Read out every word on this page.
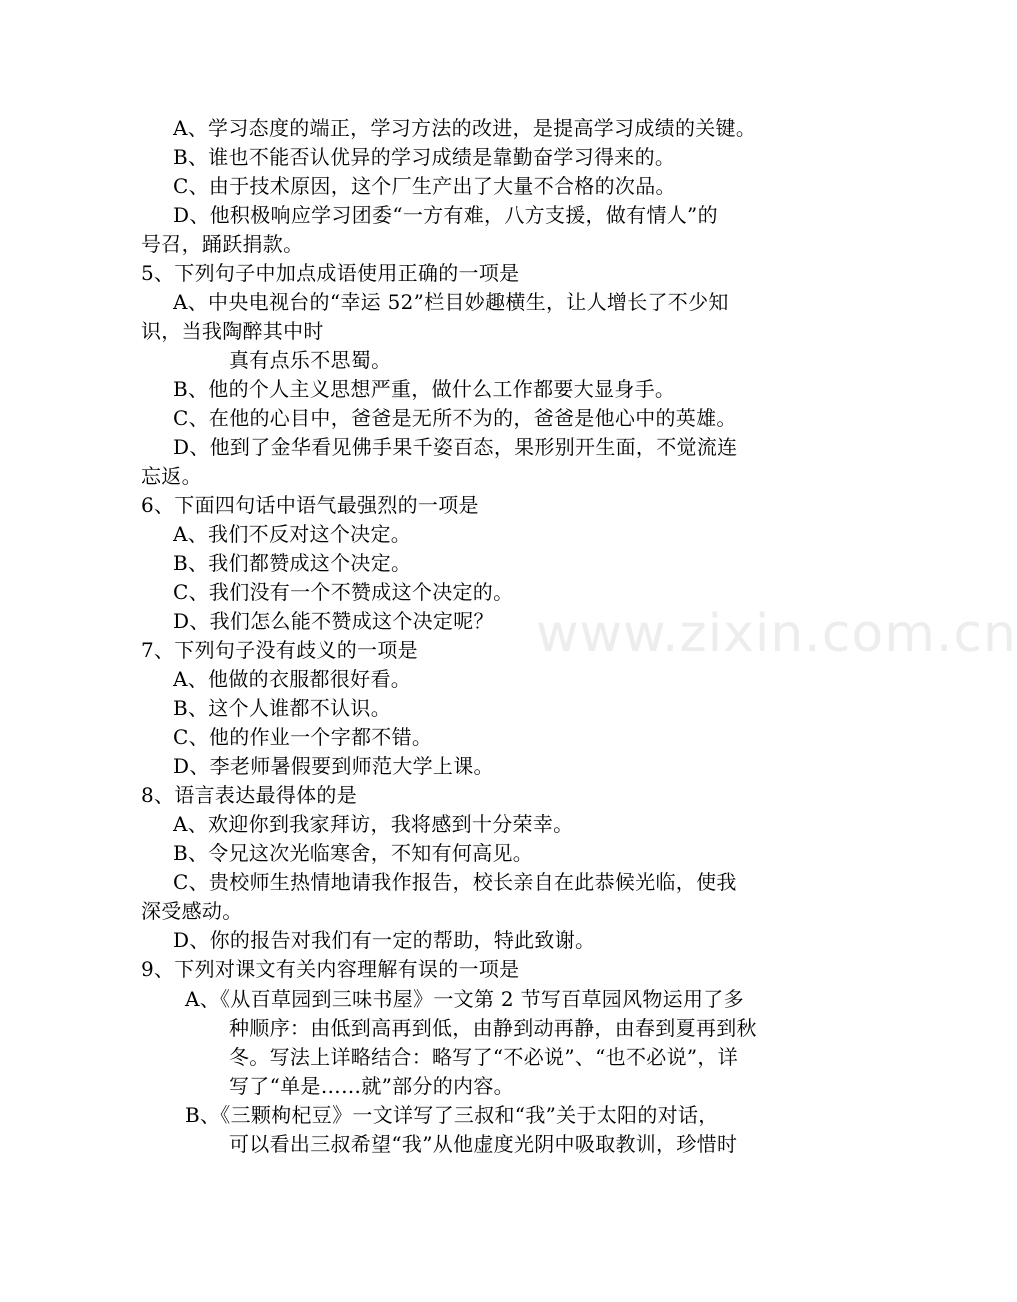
www.zixin.com.cn

A、学习态度的端正，学习方法的改进，是提高学习成绩的关键。

B、谁也不能否认优异的学习成绩是靠勤奋学习得来的。

C、由于技术原因，这个厂生产出了大量不合格的次品。

D、他积极响应学习团委“一方有难，八方支援，做有情人”的

号召，踊跃捐款。

5、下列句子中加点成语使用正确的一项是

A、中央电视台的“幸运 52”栏目妙趣横生，让人增长了不少知

识，当我陶醉其中时

真有点乐不思蜀。

B、他的个人主义思想严重，做什么工作都要大显身手。

C、在他的心目中，爸爸是无所不为的，爸爸是他心中的英雄。

D、他到了金华看见佛手果千姿百态，果形别开生面，不觉流连

忘返。

6、下面四句话中语气最强烈的一项是

A、我们不反对这个决定。

B、我们都赞成这个决定。

C、我们没有一个不赞成这个决定的。

D、我们怎么能不赞成这个决定呢？

7、下列句子没有歧义的一项是

A、他做的衣服都很好看。

B、这个人谁都不认识。

C、他的作业一个字都不错。

D、李老师暑假要到师范大学上课。

8、语言表达最得体的是

A、欢迎你到我家拜访，我将感到十分荣幸。

B、令兄这次光临寒舍，不知有何高见。

C、贵校师生热情地请我作报告，校长亲自在此恭候光临，使我

深受感动。

D、你的报告对我们有一定的帮助，特此致谢。

9、下列对课文有关内容理解有误的一项是

A、《从百草园到三味书屋》一文第 2 节写百草园风物运用了多

种顺序：由低到高再到低，由静到动再静，由春到夏再到秋

冬。写法上详略结合：略写了“不必说”、“也不必说”，详

写了“单是……就”部分的内容。

B、《三颗枸杞豆》一文详写了三叔和“我”关于太阳的对话，

可以看出三叔希望“我”从他虚度光阴中吸取教训，珍惜时
